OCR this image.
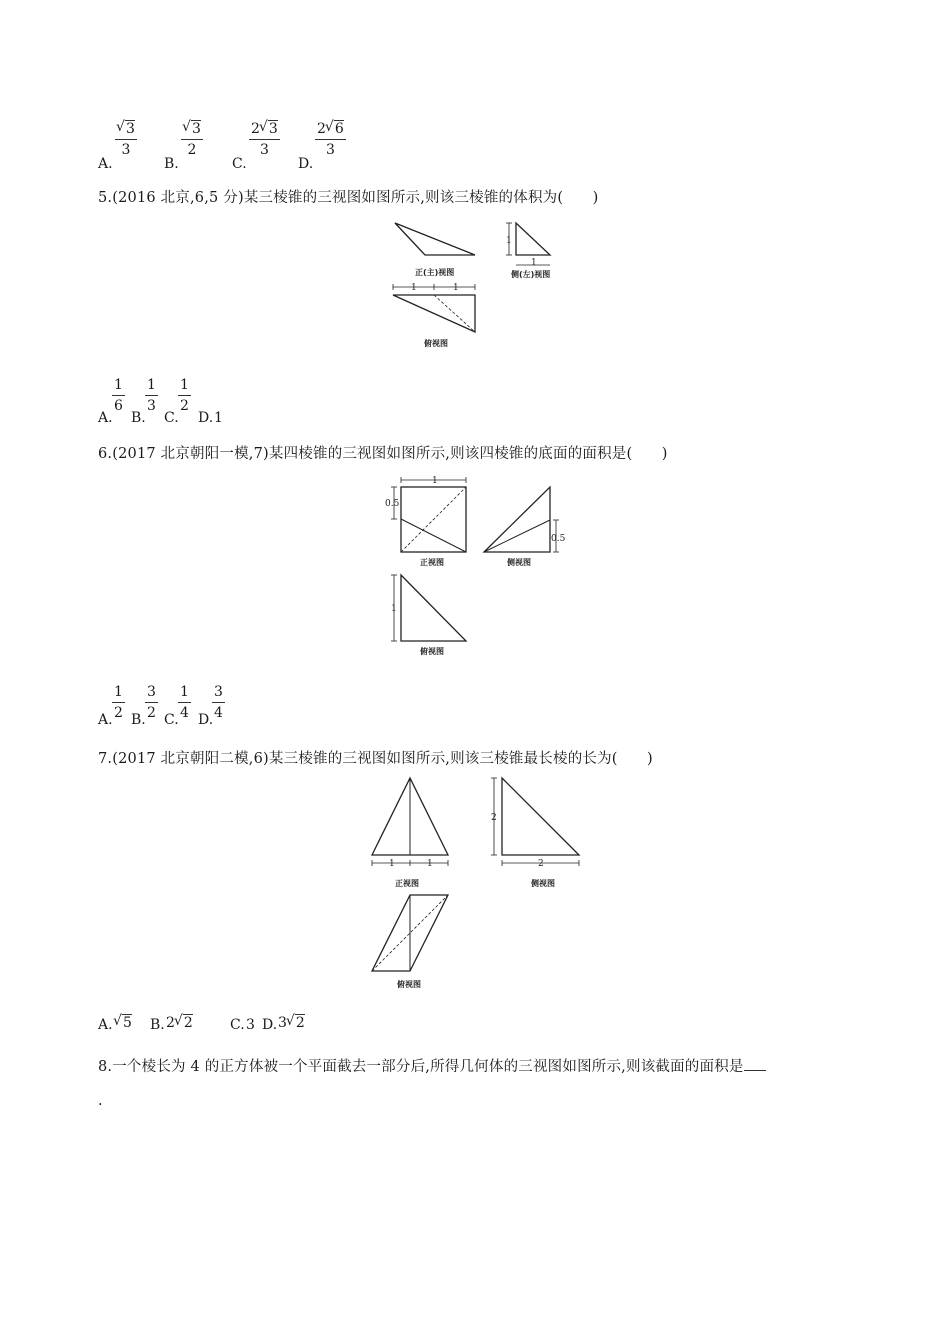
A.
√ $\frac{3}{3}$
B.
√ $\frac{3}{2}$
C.
$\frac{2 √ 3}{3}$
D.
$\frac{2 √ 6}{3}$
5.(2016 北京,6,5 分)某三棱锥的三视图如图所示,则该三棱锥的体积为(　　)
正(主)视图
1
1
侧(左)视图
1	1
俯视图
A.
$\frac{1}{6}$
B.
$\frac{1}{3}$
C.
$\frac{1}{2}$
D. 1
6.(2017 北京朝阳一模,7)某四棱锥的三视图如图所示,则该四棱锥的底面的面积是(　　)
1
0.5
正视图
0.5
侧视图
1
俯视图
A. $\frac{1}{2} B$. $\frac{3}{2} C$. $\frac{1}{4} D$.
$\frac{3}{4}$
7.(2017 北京朝阳二模,6)某三棱锥的三视图如图所示,则该三棱锥最长棱的长为(　　)
1	1
正视图
2
2
侧视图
俯视图
A. √ 5 B. 2 √ 2	C. 3 D. 3 √ 2
8.一个棱长为 4 的正方体被一个平面截去一部分后,所得几何体的三视图如图所示,则该截面的面积是
.
